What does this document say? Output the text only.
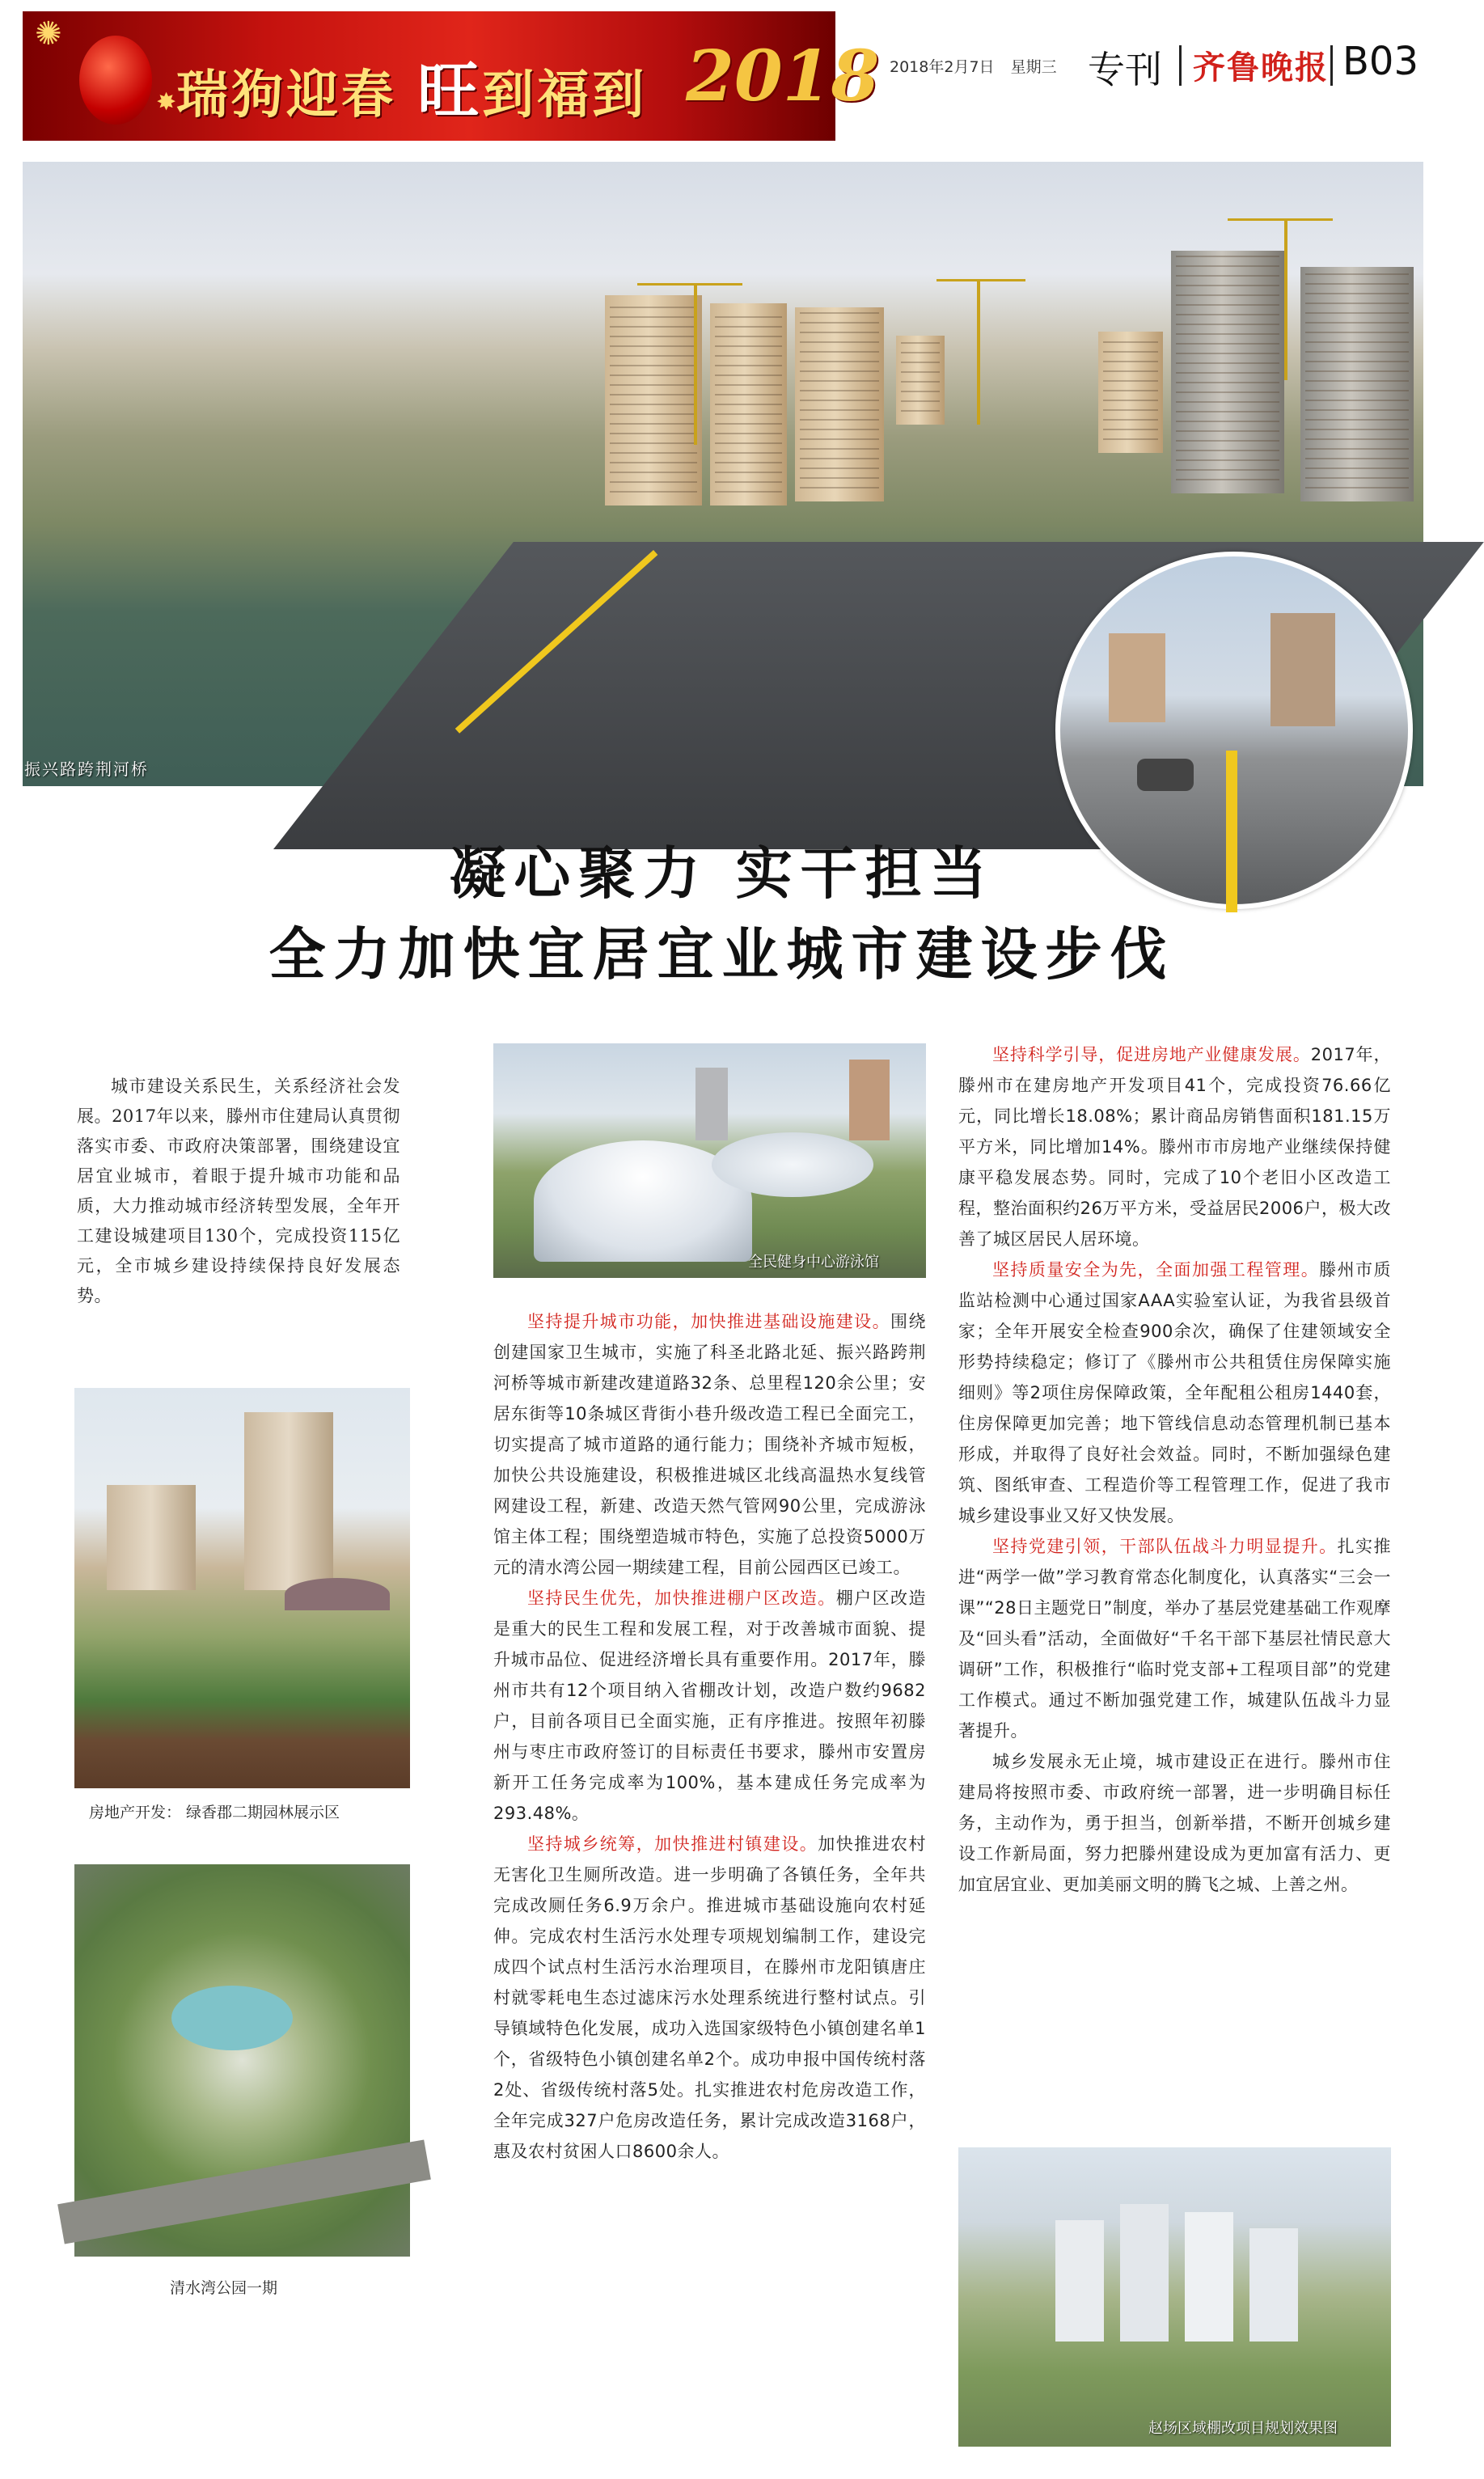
✺
✸ 瑞狗迎春 旺到福到 2018 2018年2月7日 星期三 专刊 齐鲁晚报 B03
振兴路跨荆河桥
凝心聚力 实干担当
全力加快宜居宜业城市建设步伐

城市建设关系民生，关系经济社会发展。2017年以来，滕州市住建局认真贯彻落实市委、市政府决策部署，围绕建设宜居宜业城市，着眼于提升城市功能和品质，大力推动城市经济转型发展，全年开工建设城建项目130个，完成投资115亿元，全市城乡建设持续保持良好发展态势。

房地产开发： 绿香郡二期园林展示区
清水湾公园一期
全民健身中心游泳馆

坚持提升城市功能，加快推进基础设施建设。围绕创建国家卫生城市，实施了科圣北路北延、振兴路跨荆河桥等城市新建改建道路32条、总里程120余公里；安居东街等10条城区背街小巷升级改造工程已全面完工，切实提高了城市道路的通行能力；围绕补齐城市短板，加快公共设施建设，积极推进城区北线高温热水复线管网建设工程，新建、改造天然气管网90公里，完成游泳馆主体工程；围绕塑造城市特色，实施了总投资5000万元的清水湾公园一期续建工程，目前公园西区已竣工。

坚持民生优先，加快推进棚户区改造。棚户区改造是重大的民生工程和发展工程，对于改善城市面貌、提升城市品位、促进经济增长具有重要作用。2017年，滕州市共有12个项目纳入省棚改计划，改造户数约9682户，目前各项目已全面实施，正有序推进。按照年初滕州与枣庄市政府签订的目标责任书要求，滕州市安置房新开工任务完成率为100%，基本建成任务完成率为293.48%。

坚持城乡统筹，加快推进村镇建设。加快推进农村无害化卫生厕所改造。进一步明确了各镇任务，全年共完成改厕任务6.9万余户。推进城市基础设施向农村延伸。完成农村生活污水处理专项规划编制工作，建设完成四个试点村生活污水治理项目，在滕州市龙阳镇唐庄村就零耗电生态过滤床污水处理系统进行整村试点。引导镇域特色化发展，成功入选国家级特色小镇创建名单1个，省级特色小镇创建名单2个。成功申报中国传统村落2处、省级传统村落5处。扎实推进农村危房改造工作，全年完成327户危房改造任务，累计完成改造3168户，惠及农村贫困人口8600余人。

坚持科学引导，促进房地产业健康发展。2017年，滕州市在建房地产开发项目41个，完成投资76.66亿元，同比增长18.08%；累计商品房销售面积181.15万平方米，同比增加14%。滕州市市房地产业继续保持健康平稳发展态势。同时，完成了10个老旧小区改造工程，整治面积约26万平方米，受益居民2006户，极大改善了城区居民人居环境。

坚持质量安全为先，全面加强工程管理。滕州市质监站检测中心通过国家AAA实验室认证，为我省县级首家；全年开展安全检查900余次，确保了住建领域安全形势持续稳定；修订了《滕州市公共租赁住房保障实施细则》等2项住房保障政策，全年配租公租房1440套，住房保障更加完善；地下管线信息动态管理机制已基本形成，并取得了良好社会效益。同时，不断加强绿色建筑、图纸审查、工程造价等工程管理工作，促进了我市城乡建设事业又好又快发展。

坚持党建引领，干部队伍战斗力明显提升。扎实推进“两学一做”学习教育常态化制度化，认真落实“三会一课”“28日主题党日”制度，举办了基层党建基础工作观摩及“回头看”活动，全面做好“千名干部下基层社情民意大调研”工作，积极推行“临时党支部+工程项目部”的党建工作模式。通过不断加强党建工作，城建队伍战斗力显著提升。

城乡发展永无止境，城市建设正在进行。滕州市住建局将按照市委、市政府统一部署，进一步明确目标任务，主动作为，勇于担当，创新举措，不断开创城乡建设工作新局面，努力把滕州建设成为更加富有活力、更加宜居宜业、更加美丽文明的腾飞之城、上善之州。

赵场区域棚改项目规划效果图
